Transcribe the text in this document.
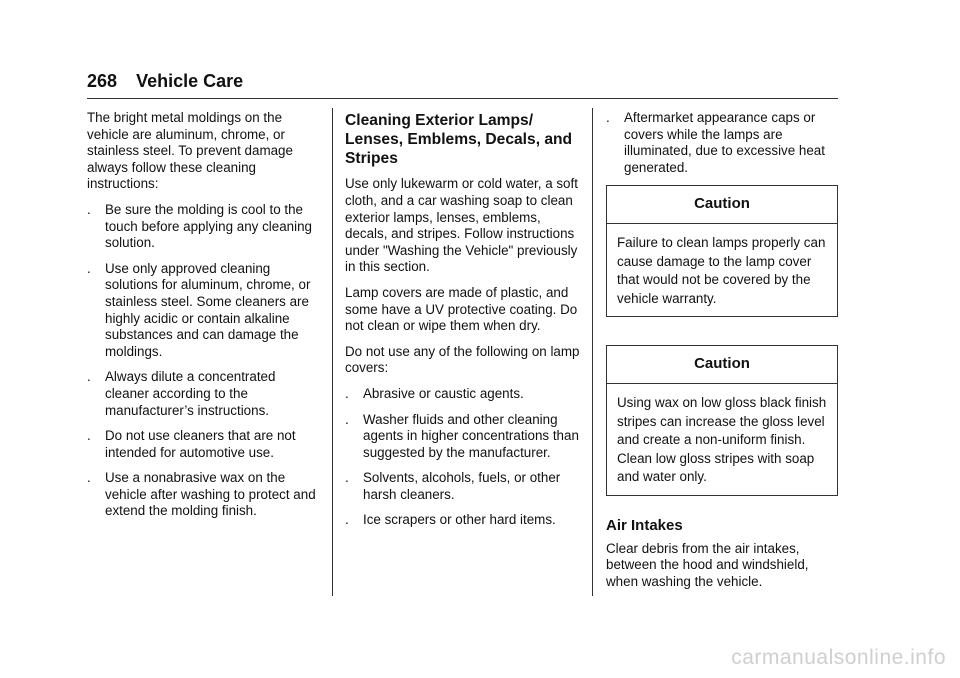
268 Vehicle Care

The bright metal moldings on the vehicle are aluminum, chrome, or stainless steel. To prevent damage always follow these cleaning instructions:

.	Be sure the molding is cool to the touch before applying any cleaning solution.
.	Use only approved cleaning solutions for aluminum, chrome, or stainless steel. Some cleaners are highly acidic or contain alkaline substances and can damage the moldings.
.	Always dilute a concentrated cleaner according to the manufacturer’s instructions.
.	Do not use cleaners that are not intended for automotive use.
.	Use a nonabrasive wax on the vehicle after washing to protect and extend the molding finish.
Cleaning Exterior Lamps/ Lenses, Emblems, Decals, and Stripes

Use only lukewarm or cold water, a soft cloth, and a car washing soap to clean exterior lamps, lenses, emblems, decals, and stripes. Follow instructions under "Washing the Vehicle" previously in this section.

Lamp covers are made of plastic, and some have a UV protective coating. Do not clean or wipe them when dry.

Do not use any of the following on lamp covers:

.	Abrasive or caustic agents.
.	Washer fluids and other cleaning agents in higher concentrations than suggested by the manufacturer.
.	Solvents, alcohols, fuels, or other harsh cleaners.
.	Ice scrapers or other hard items.
.	Aftermarket appearance caps or covers while the lamps are illuminated, due to excessive heat generated.
Caution
Failure to clean lamps properly can cause damage to the lamp cover that would not be covered by the vehicle warranty.
Caution
Using wax on low gloss black finish stripes can increase the gloss level and create a non-uniform finish. Clean low gloss stripes with soap and water only.
Air Intakes

Clear debris from the air intakes, between the hood and windshield, when washing the vehicle.

carmanualsonline.info
